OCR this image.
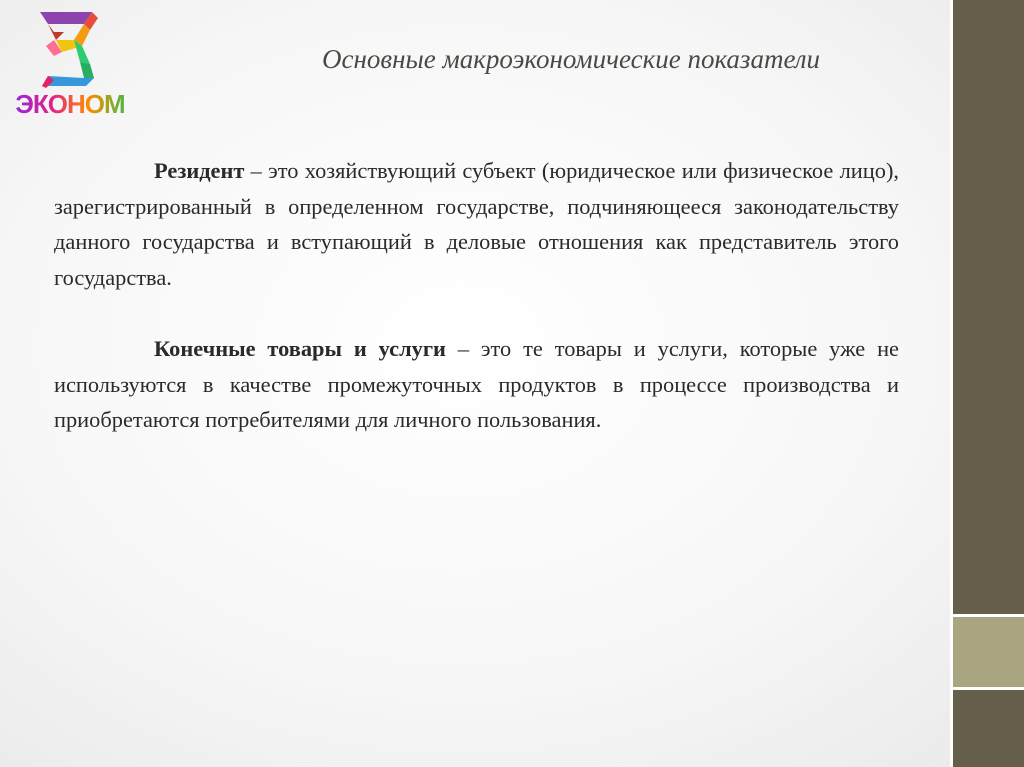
ЭКОНОМ
Основные макроэкономические показатели

Резидент – это хозяйствующий субъект (юридическое или физическое лицо), зарегистрированный в определенном государстве, подчиняющееся законодательству данного государства и вступающий в деловые отношения как представитель этого государства.

Конечные товары и услуги – это те товары и услуги, которые уже не используются в качестве промежуточных продуктов в процессе производства и приобретаются потребителями для личного пользования.
